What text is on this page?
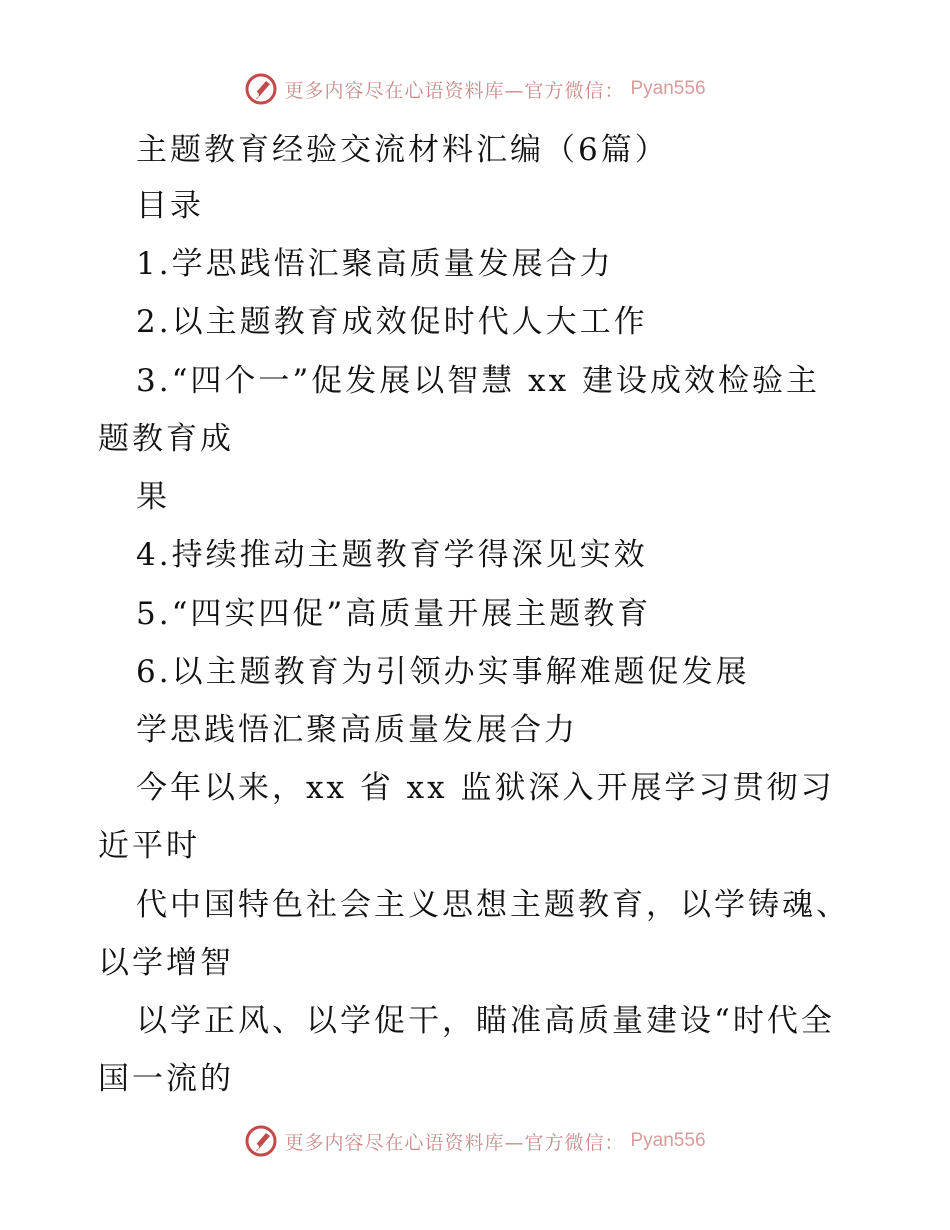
更多内容尽在心语资料库—官方微信： Pyan556
主题教育经验交流材料汇编（6篇）
目录
1.学思践悟汇聚高质量发展合力
2.以主题教育成效促时代人大工作
3.“四个一”促发展以智慧 xx 建设成效检验主
题教育成
果
4.持续推动主题教育学得深见实效
5.“四实四促”高质量开展主题教育
6.以主题教育为引领办实事解难题促发展
学思践悟汇聚高质量发展合力
今年以来，xx 省 xx 监狱深入开展学习贯彻习
近平时
代中国特色社会主义思想主题教育，以学铸魂、
以学增智
以学正风、以学促干，瞄准高质量建设“时代全
国一流的
更多内容尽在心语资料库—官方微信： Pyan556
